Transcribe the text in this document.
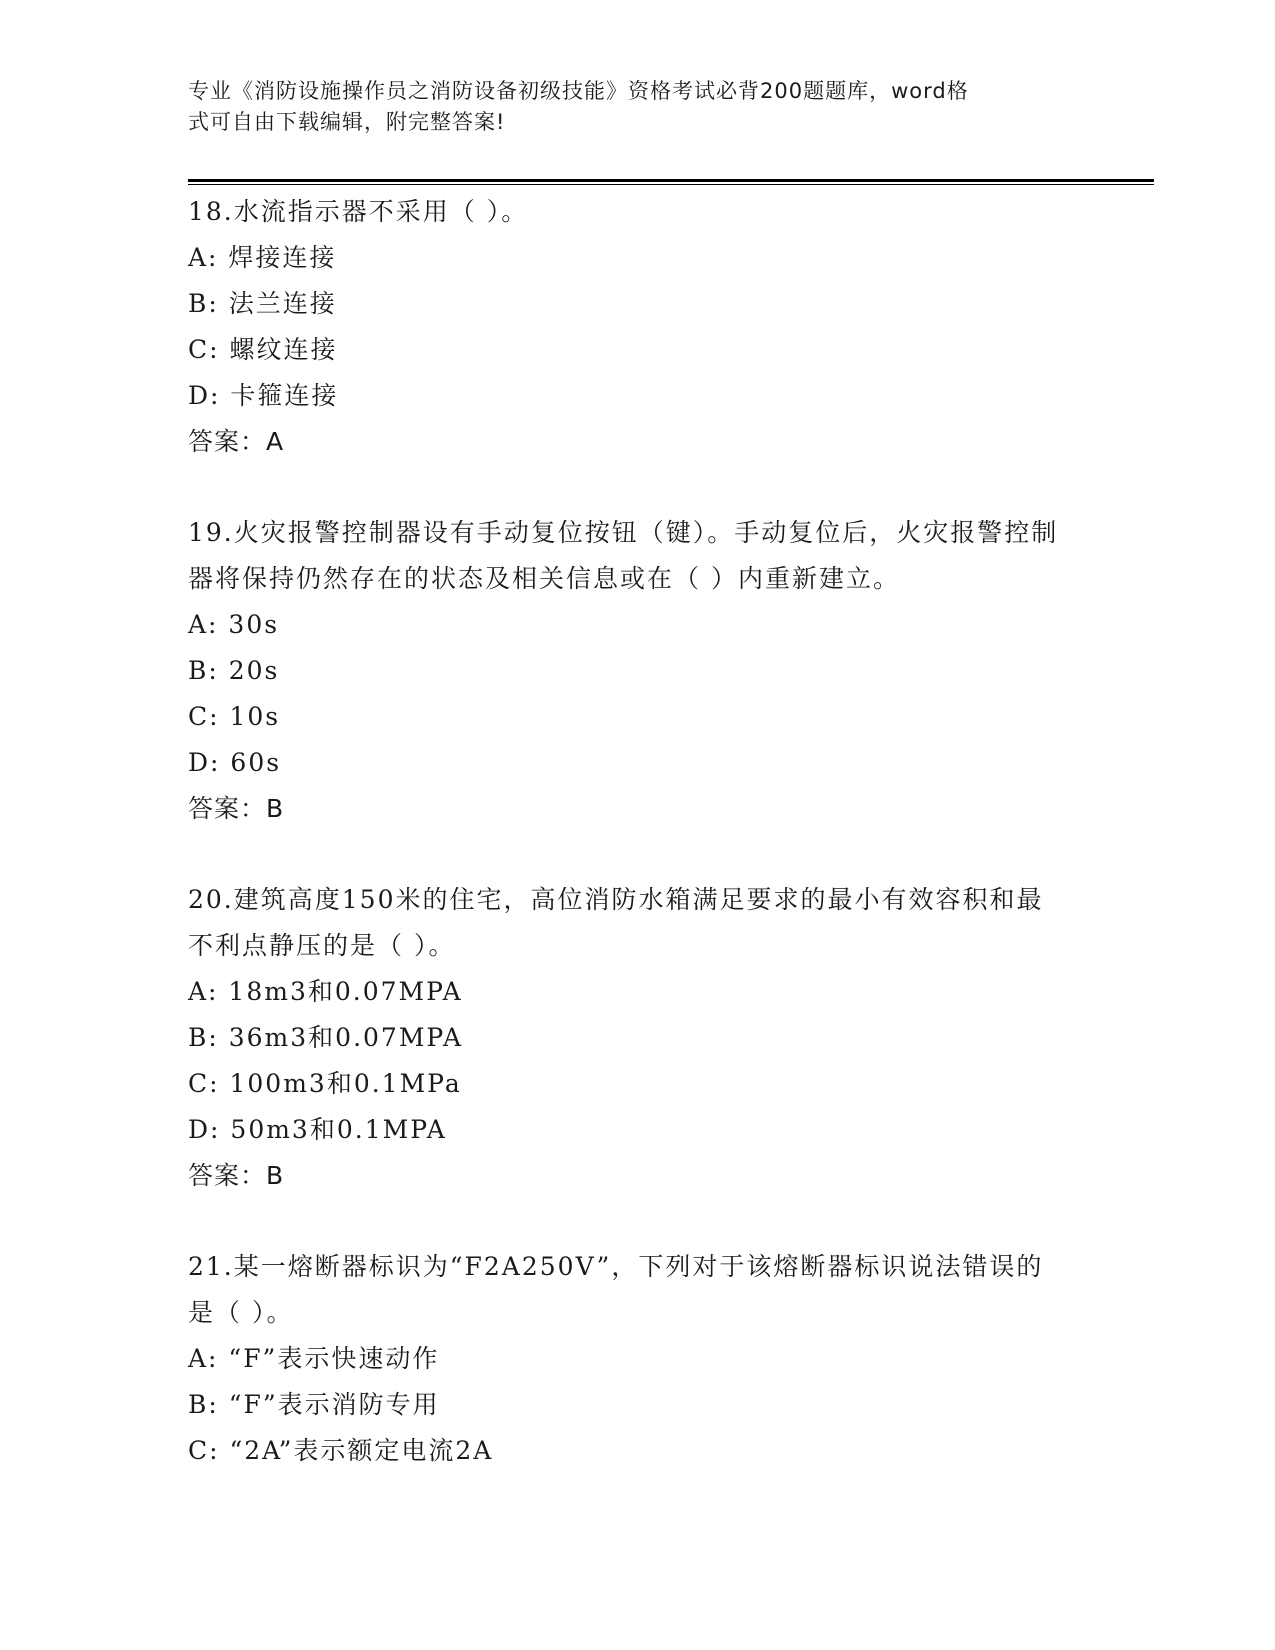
专业《消防设施操作员之消防设备初级技能》资格考试必背200题题库，word格
式可自由下载编辑，附完整答案!
18.水流指示器不采用（ ）。
A: 焊接连接
B: 法兰连接
C: 螺纹连接
D: 卡箍连接
答案：A
19.火灾报警控制器设有手动复位按钮（键）。手动复位后，火灾报警控制器将保持仍然存在的状态及相关信息或在（ ）内重新建立。
A: 30s
B: 20s
C: 10s
D: 60s
答案：B
20.建筑高度150米的住宅，高位消防水箱满足要求的最小有效容积和最不利点静压的是（ ）。
A: 18m3和0.07MPA
B: 36m3和0.07MPA
C: 100m3和0.1MPa
D: 50m3和0.1MPA
答案：B
21.某一熔断器标识为“F2A250V”，下列对于该熔断器标识说法错误的是（ ）。
A: “F”表示快速动作
B: “F”表示消防专用
C: “2A”表示额定电流2A
